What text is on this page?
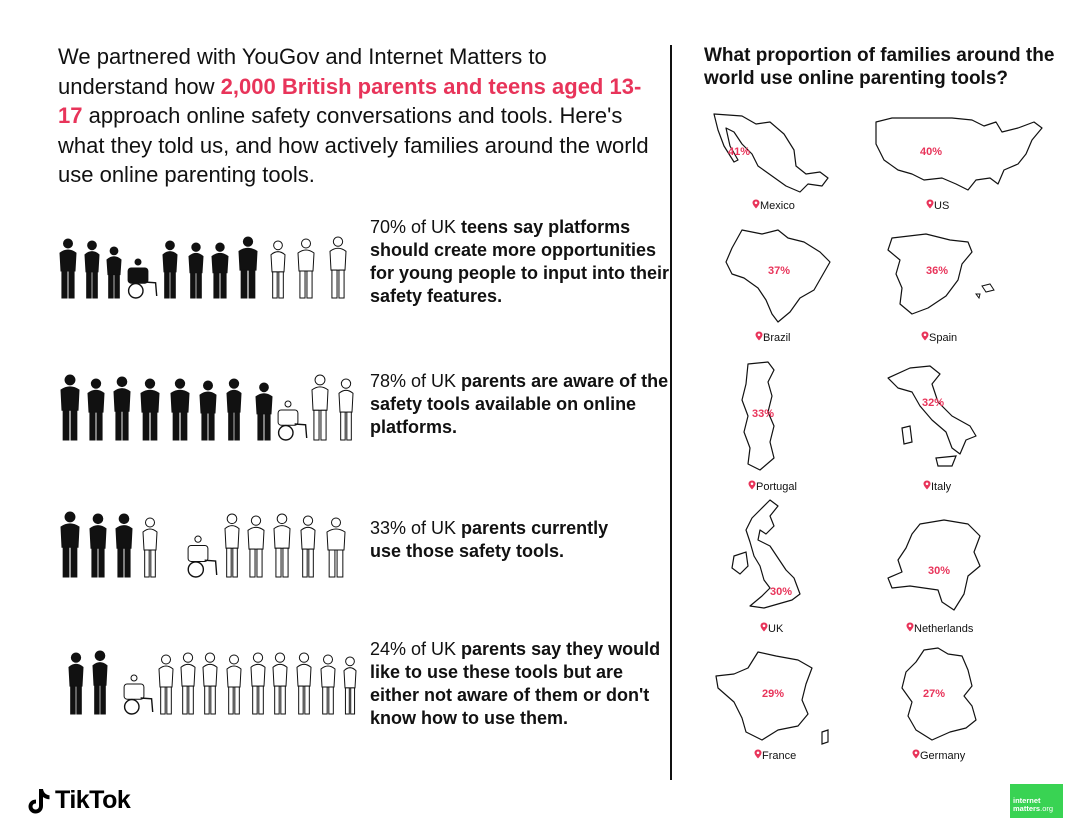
We partnered with YouGov and Internet Matters to understand how 2,000 British parents and teens aged 13-17 approach online safety conversations and tools. Here's what they told us, and how actively families around the world use online parenting tools.
70% of UK teens say platforms should create more opportunities for young people to input into their safety features.
78% of UK parents are aware of the safety tools available on online platforms.
33% of UK parents currently use those safety tools.
24% of UK parents say they would like to use these tools but are either not aware of them or don't know how to use them.
What proportion of families around the world use online parenting tools?
41%
Mexico
40%
US
37%
Brazil
36%
Spain
33%
Portugal
32%
Italy
30%
UK
30%
Netherlands
29%
France
27%
Germany
TikTok	internet
matters.org
